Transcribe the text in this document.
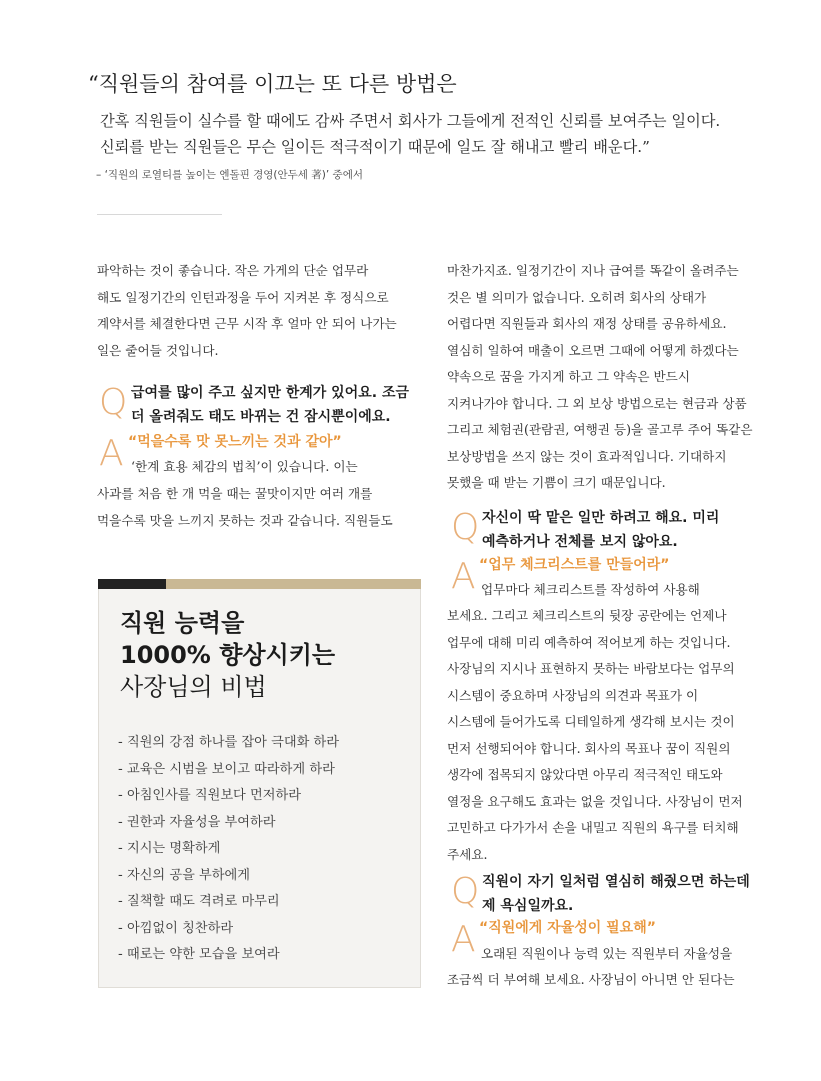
“직원들의 참여를 이끄는 또 다른 방법은
간혹 직원들이 실수를 할 때에도 감싸 주면서 회사가 그들에게 전적인 신뢰를 보여주는 일이다.
신뢰를 받는 직원들은 무슨 일이든 적극적이기 때문에 일도 잘 해내고 빨리 배운다.”
– ‘직원의 로열티를 높이는 엔돌핀 경영(안두세 著)’ 중에서
파악하는 것이 좋습니다. 작은 가게의 단순 업무라
해도 일정기간의 인턴과정을 두어 지켜본 후 정식으로
계약서를 체결한다면 근무 시작 후 얼마 안 되어 나가는
일은 줄어들 것입니다.
Q 급여를 많이 주고 싶지만 한계가 있어요. 조금
더 올려줘도 태도 바뀌는 건 잠시뿐이에요.
A “먹을수록 맛 못느끼는 것과 같아”
‘한계 효용 체감의 법칙’이 있습니다. 이는
사과를 처음 한 개 먹을 때는 꿀맛이지만 여러 개를
먹을수록 맛을 느끼지 못하는 것과 같습니다. 직원들도
직원 능력을
1000% 향상시키는
사장님의 비법
- 직원의 강점 하나를 잡아 극대화 하라
- 교육은 시범을 보이고 따라하게 하라
- 아침인사를 직원보다 먼저하라
- 권한과 자율성을 부여하라
- 지시는 명확하게
- 자신의 공을 부하에게
- 질책할 때도 격려로 마무리
- 아낌없이 칭찬하라
- 때로는 약한 모습을 보여라
마찬가지죠. 일정기간이 지나 급여를 똑같이 올려주는
것은 별 의미가 없습니다. 오히려 회사의 상태가
어렵다면 직원들과 회사의 재정 상태를 공유하세요.
열심히 일하여 매출이 오르면 그때에 어떻게 하겠다는
약속으로 꿈을 가지게 하고 그 약속은 반드시
지켜나가야 합니다. 그 외 보상 방법으로는 현금과 상품
그리고 체험권(관람권, 여행권 등)을 골고루 주어 똑같은
보상방법을 쓰지 않는 것이 효과적입니다. 기대하지
못했을 때 받는 기쁨이 크기 때문입니다.
Q 자신이 딱 맡은 일만 하려고 해요. 미리
예측하거나 전체를 보지 않아요.
A “업무 체크리스트를 만들어라”
업무마다 체크리스트를 작성하여 사용해
보세요. 그리고 체크리스트의 뒷장 공란에는 언제나
업무에 대해 미리 예측하여 적어보게 하는 것입니다.
사장님의 지시나 표현하지 못하는 바람보다는 업무의
시스템이 중요하며 사장님의 의견과 목표가 이
시스템에 들어가도록 디테일하게 생각해 보시는 것이
먼저 선행되어야 합니다. 회사의 목표나 꿈이 직원의
생각에 접목되지 않았다면 아무리 적극적인 태도와
열정을 요구해도 효과는 없을 것입니다. 사장님이 먼저
고민하고 다가가서 손을 내밀고 직원의 욕구를 터치해
주세요.
Q 직원이 자기 일처럼 열심히 해줬으면 하는데
제 욕심일까요.
A “직원에게 자율성이 필요해”
오래된 직원이나 능력 있는 직원부터 자율성을
조금씩 더 부여해 보세요. 사장님이 아니면 안 된다는
